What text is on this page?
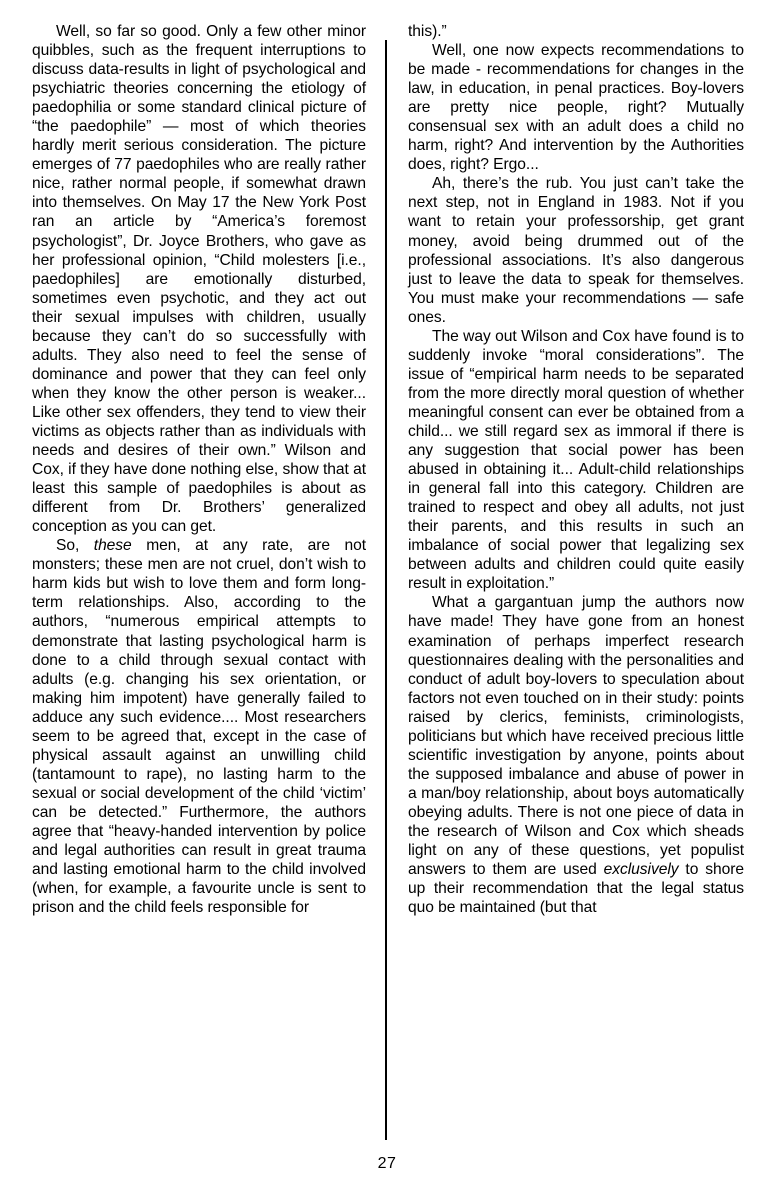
Well, so far so good. Only a few other minor quibbles, such as the frequent interruptions to discuss data-results in light of psychological and psychiatric theories concerning the etiology of paedophilia or some standard clinical picture of “the paedophile” — most of which theories hardly merit serious consideration. The picture emerges of 77 paedophiles who are really rather nice, rather normal people, if somewhat drawn into themselves. On May 17 the New York Post ran an article by “America’s foremost psychologist”, Dr. Joyce Brothers, who gave as her professional opinion, “Child molesters [i.e., paedophiles] are emotionally disturbed, sometimes even psychotic, and they act out their sexual impulses with children, usually because they can’t do so successfully with adults. They also need to feel the sense of dominance and power that they can feel only when they know the other person is weaker... Like other sex offenders, they tend to view their victims as objects rather than as individuals with needs and desires of their own.” Wilson and Cox, if they have done nothing else, show that at least this sample of paedophiles is about as different from Dr. Brothers’ generalized conception as you can get.

So, these men, at any rate, are not monsters; these men are not cruel, don’t wish to harm kids but wish to love them and form long-term relationships. Also, according to the authors, “numerous empirical attempts to demonstrate that lasting psychological harm is done to a child through sexual contact with adults (e.g. changing his sex orientation, or making him impotent) have generally failed to adduce any such evidence.... Most researchers seem to be agreed that, except in the case of physical assault against an unwilling child (tantamount to rape), no lasting harm to the sexual or social development of the child ‘victim’ can be detected.” Furthermore, the authors agree that “heavy-handed intervention by police and legal authorities can result in great trauma and lasting emotional harm to the child involved (when, for example, a favourite uncle is sent to prison and the child feels responsible for

this).”

Well, one now expects recommendations to be made - recommendations for changes in the law, in education, in penal practices. Boy-lovers are pretty nice people, right? Mutually consensual sex with an adult does a child no harm, right? And intervention by the Authorities does, right? Ergo...

Ah, there’s the rub. You just can’t take the next step, not in England in 1983. Not if you want to retain your professorship, get grant money, avoid being drummed out of the professional associations. It’s also dangerous just to leave the data to speak for themselves. You must make your recommendations — safe ones.

The way out Wilson and Cox have found is to suddenly invoke “moral considerations”. The issue of “empirical harm needs to be separated from the more directly moral question of whether meaningful consent can ever be obtained from a child... we still regard sex as immoral if there is any suggestion that social power has been abused in obtaining it... Adult-child relationships in general fall into this category. Children are trained to respect and obey all adults, not just their parents, and this results in such an imbalance of social power that legalizing sex between adults and children could quite easily result in exploitation.”

What a gargantuan jump the authors now have made! They have gone from an honest examination of perhaps imperfect research questionnaires dealing with the personalities and conduct of adult boy-lovers to speculation about factors not even touched on in their study: points raised by clerics, feminists, criminologists, politicians but which have received precious little scientific investigation by anyone, points about the supposed imbalance and abuse of power in a man/boy relationship, about boys automatically obeying adults. There is not one piece of data in the research of Wilson and Cox which sheads light on any of these questions, yet populist answers to them are used exclusively to shore up their recommendation that the legal status quo be maintained (but that

27
